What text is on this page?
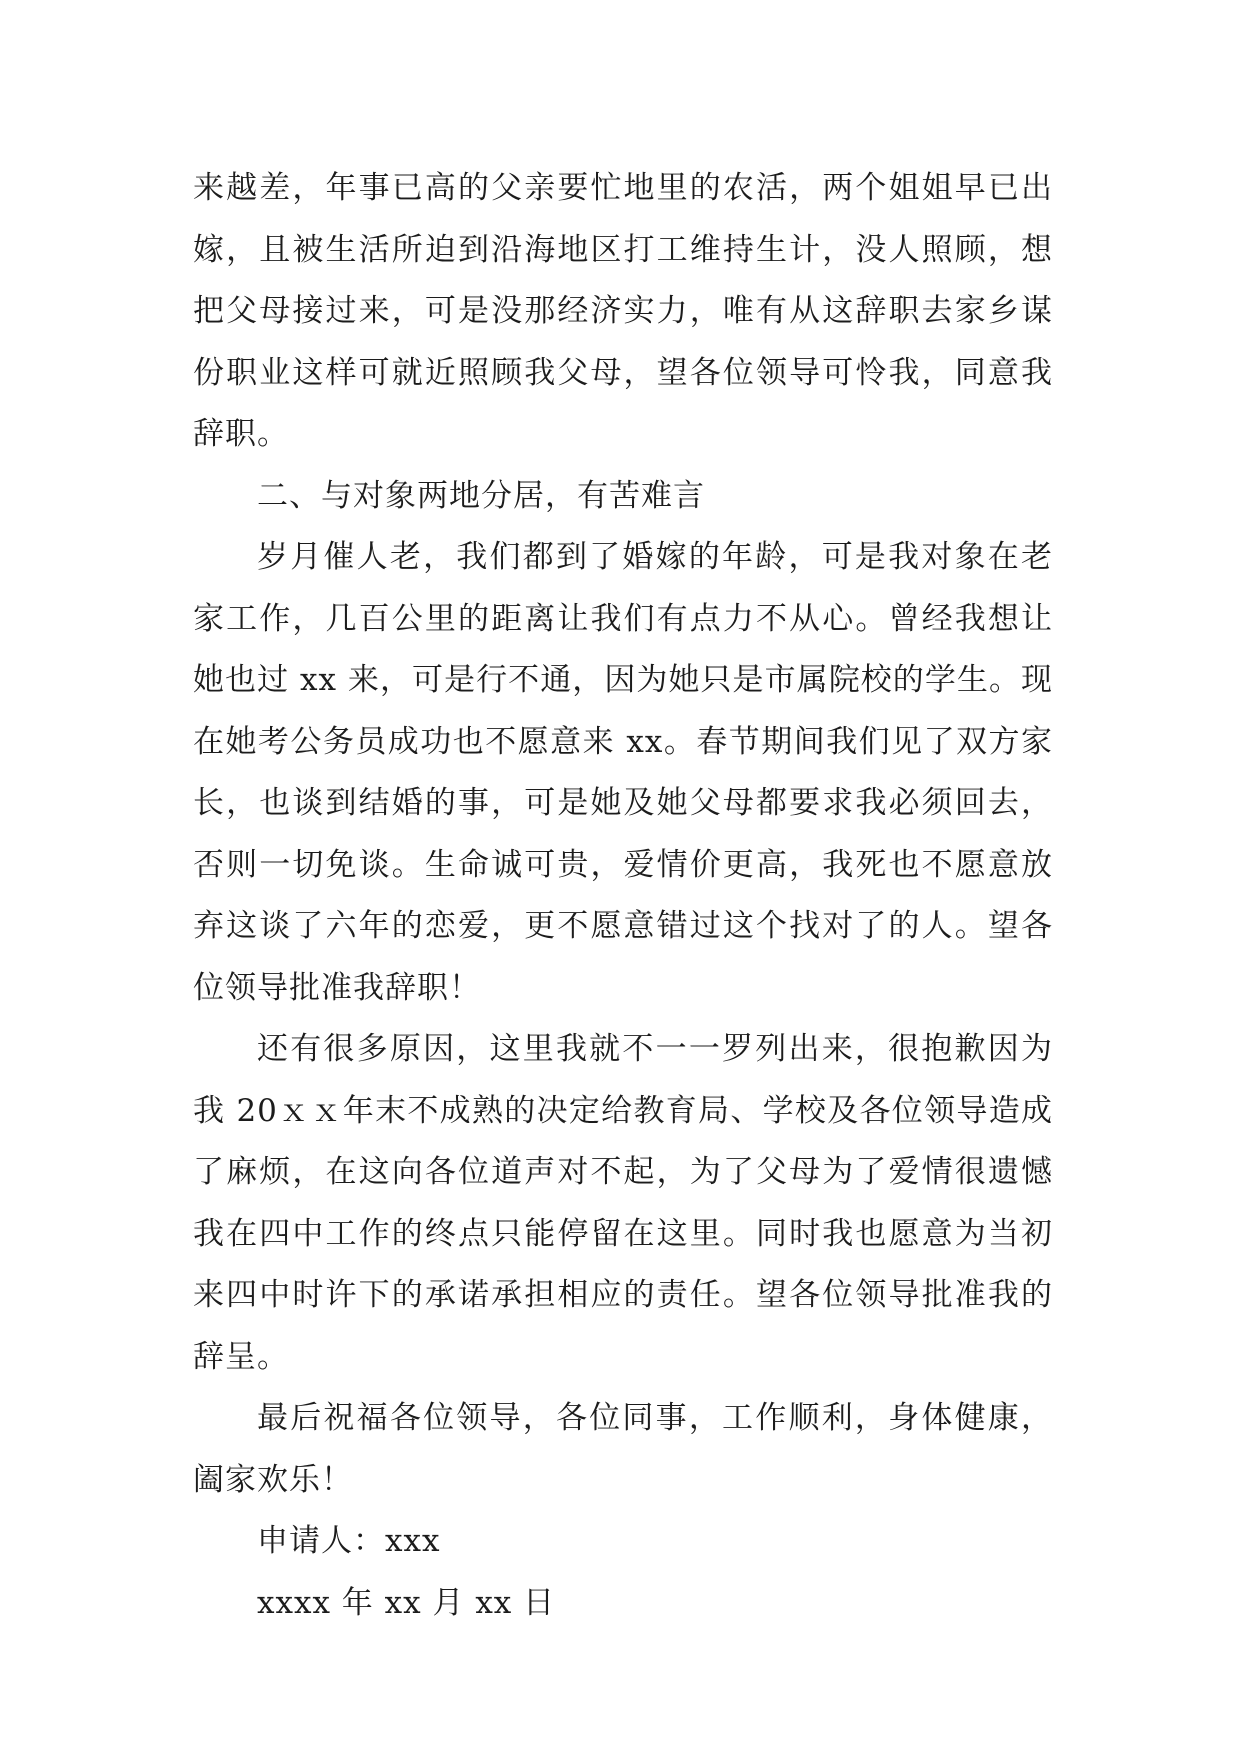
来越差，年事已高的父亲要忙地里的农活，两个姐姐早已出嫁，且被生活所迫到沿海地区打工维持生计，没人照顾，想把父母接过来，可是没那经济实力，唯有从这辞职去家乡谋份职业这样可就近照顾我父母，望各位领导可怜我，同意我辞职。

二、与对象两地分居，有苦难言

岁月催人老，我们都到了婚嫁的年龄，可是我对象在老家工作，几百公里的距离让我们有点力不从心。曾经我想让她也过 xx 来，可是行不通，因为她只是市属院校的学生。现在她考公务员成功也不愿意来 xx。春节期间我们见了双方家长，也谈到结婚的事，可是她及她父母都要求我必须回去，否则一切免谈。生命诚可贵，爱情价更高，我死也不愿意放弃这谈了六年的恋爱，更不愿意错过这个找对了的人。望各位领导批准我辞职！

还有很多原因，这里我就不一一罗列出来，很抱歉因为我 20ｘｘ年末不成熟的决定给教育局、学校及各位领导造成了麻烦，在这向各位道声对不起，为了父母为了爱情很遗憾我在四中工作的终点只能停留在这里。同时我也愿意为当初来四中时许下的承诺承担相应的责任。望各位领导批准我的辞呈。

最后祝福各位领导，各位同事，工作顺利，身体健康，阖家欢乐！

申请人：xxx

xxxx 年 xx 月 xx 日
